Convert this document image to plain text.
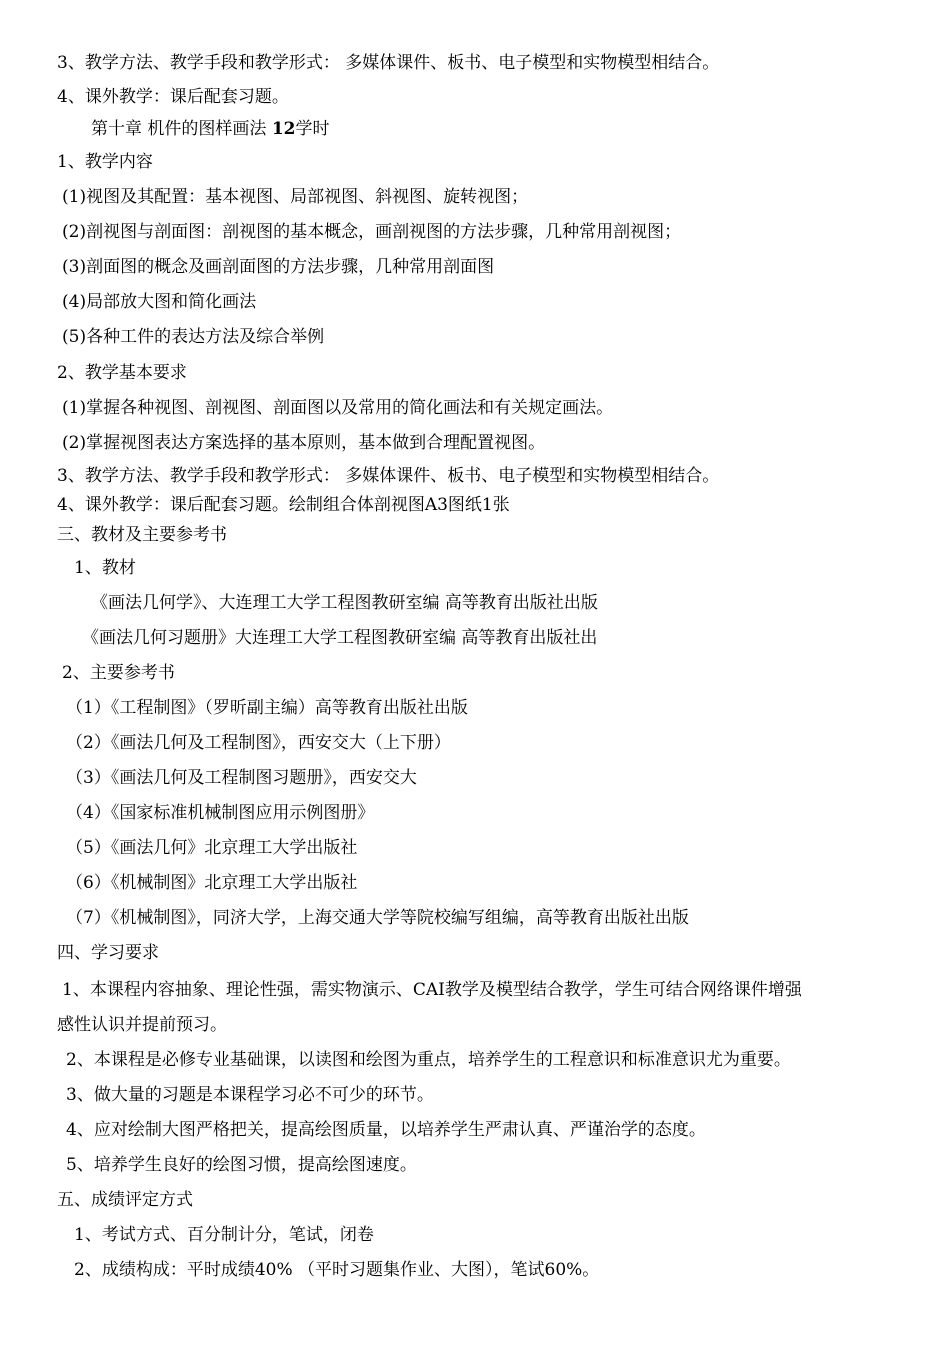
3、教学方法、教学手段和教学形式： 多媒体课件、板书、电子模型和实物模型相结合。
4、课外教学：课后配套习题。
第十章 机件的图样画法 12学时
1、教学内容
(1)视图及其配置：基本视图、局部视图、斜视图、旋转视图；
(2)剖视图与剖面图：剖视图的基本概念，画剖视图的方法步骤，几种常用剖视图；
(3)剖面图的概念及画剖面图的方法步骤，几种常用剖面图
(4)局部放大图和简化画法
(5)各种工件的表达方法及综合举例
2、教学基本要求
(1)掌握各种视图、剖视图、剖面图以及常用的简化画法和有关规定画法。
(2)掌握视图表达方案选择的基本原则，基本做到合理配置视图。
3、教学方法、教学手段和教学形式： 多媒体课件、板书、电子模型和实物模型相结合。
4、课外教学：课后配套习题。绘制组合体剖视图A3图纸1张
三、教材及主要参考书
1、教材
《画法几何学》、大连理工大学工程图教研室编 高等教育出版社出版
《画法几何习题册》大连理工大学工程图教研室编 高等教育出版社出
2、主要参考书
（1）《工程制图》（罗昕副主编）高等教育出版社出版
（2）《画法几何及工程制图》，西安交大（上下册）
（3）《画法几何及工程制图习题册》，西安交大
（4）《国家标准机械制图应用示例图册》
（5）《画法几何》北京理工大学出版社
（6）《机械制图》北京理工大学出版社
（7）《机械制图》，同济大学，上海交通大学等院校编写组编，高等教育出版社出版
四、学习要求
1、本课程内容抽象、理论性强，需实物演示、CAI教学及模型结合教学，学生可结合网络课件增强
感性认识并提前预习。
2、本课程是必修专业基础课，以读图和绘图为重点，培养学生的工程意识和标准意识尤为重要。
3、做大量的习题是本课程学习必不可少的环节。
4、应对绘制大图严格把关，提高绘图质量，以培养学生严肃认真、严谨治学的态度。
5、培养学生良好的绘图习惯，提高绘图速度。
五、成绩评定方式
1、考试方式、百分制计分，笔试，闭卷
2、成绩构成：平时成绩40% （平时习题集作业、大图），笔试60%。
